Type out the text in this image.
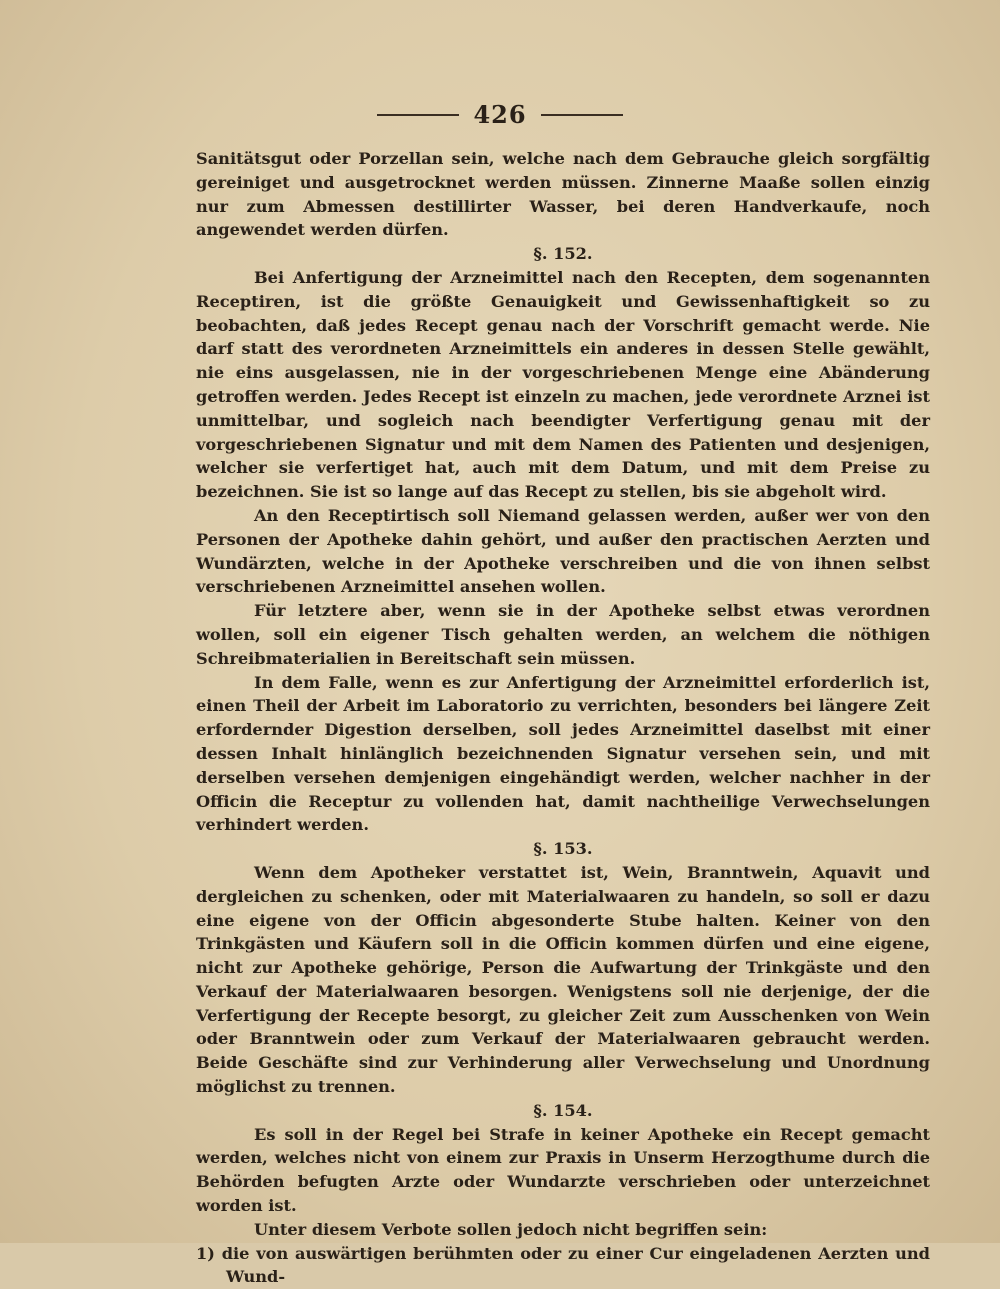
426

Sanitätsgut oder Porzellan sein, welche nach dem Gebrauche gleich sorgfältig gereiniget und ausgetrocknet werden müssen. Zinnerne Maaße sollen einzig nur zum Abmessen destillirter Wasser, bei deren Handverkaufe, noch angewendet werden dürfen.

§. 152.

Bei Anfertigung der Arzneimittel nach den Recepten, dem sogenannten Receptiren, ist die größte Genauigkeit und Gewissenhaftigkeit so zu beobachten, daß jedes Recept genau nach der Vorschrift gemacht werde. Nie darf statt des verordneten Arzneimittels ein anderes in dessen Stelle gewählt, nie eins ausgelassen, nie in der vorgeschriebenen Menge eine Abänderung getroffen werden. Jedes Recept ist einzeln zu machen, jede verordnete Arznei ist unmittelbar, und sogleich nach beendigter Verfertigung genau mit der vorgeschriebenen Signatur und mit dem Namen des Patienten und desjenigen, welcher sie verfertiget hat, auch mit dem Datum, und mit dem Preise zu bezeichnen. Sie ist so lange auf das Recept zu stellen, bis sie abgeholt wird.

An den Receptirtisch soll Niemand gelassen werden, außer wer von den Personen der Apotheke dahin gehört, und außer den practischen Aerzten und Wundärzten, welche in der Apotheke verschreiben und die von ihnen selbst verschriebenen Arzneimittel ansehen wollen.

Für letztere aber, wenn sie in der Apotheke selbst etwas verordnen wollen, soll ein eigener Tisch gehalten werden, an welchem die nöthigen Schreibmaterialien in Bereitschaft sein müssen.

In dem Falle, wenn es zur Anfertigung der Arzneimittel erforderlich ist, einen Theil der Arbeit im Laboratorio zu verrichten, besonders bei längere Zeit erfordernder Digestion derselben, soll jedes Arzneimittel daselbst mit einer dessen Inhalt hinlänglich bezeichnenden Signatur versehen sein, und mit derselben versehen demjenigen eingehändigt werden, welcher nachher in der Officin die Receptur zu vollenden hat, damit nachtheilige Verwechselungen verhindert werden.

§. 153.

Wenn dem Apotheker verstattet ist, Wein, Branntwein, Aquavit und dergleichen zu schenken, oder mit Materialwaaren zu handeln, so soll er dazu eine eigene von der Officin abgesonderte Stube halten. Keiner von den Trinkgästen und Käufern soll in die Officin kommen dürfen und eine eigene, nicht zur Apotheke gehörige, Person die Aufwartung der Trinkgäste und den Verkauf der Materialwaaren besorgen. Wenigstens soll nie derjenige, der die Verfertigung der Recepte besorgt, zu gleicher Zeit zum Ausschenken von Wein oder Branntwein oder zum Verkauf der Materialwaaren gebraucht werden. Beide Geschäfte sind zur Verhinderung aller Verwechselung und Unordnung möglichst zu trennen.

§. 154.

Es soll in der Regel bei Strafe in keiner Apotheke ein Recept gemacht werden, welches nicht von einem zur Praxis in Unserm Herzogthume durch die Behörden befugten Arzte oder Wundarzte verschrieben oder unterzeichnet worden ist.

Unter diesem Verbote sollen jedoch nicht begriffen sein:

1) die von auswärtigen berühmten oder zu einer Cur eingeladenen Aerzten und Wund-
